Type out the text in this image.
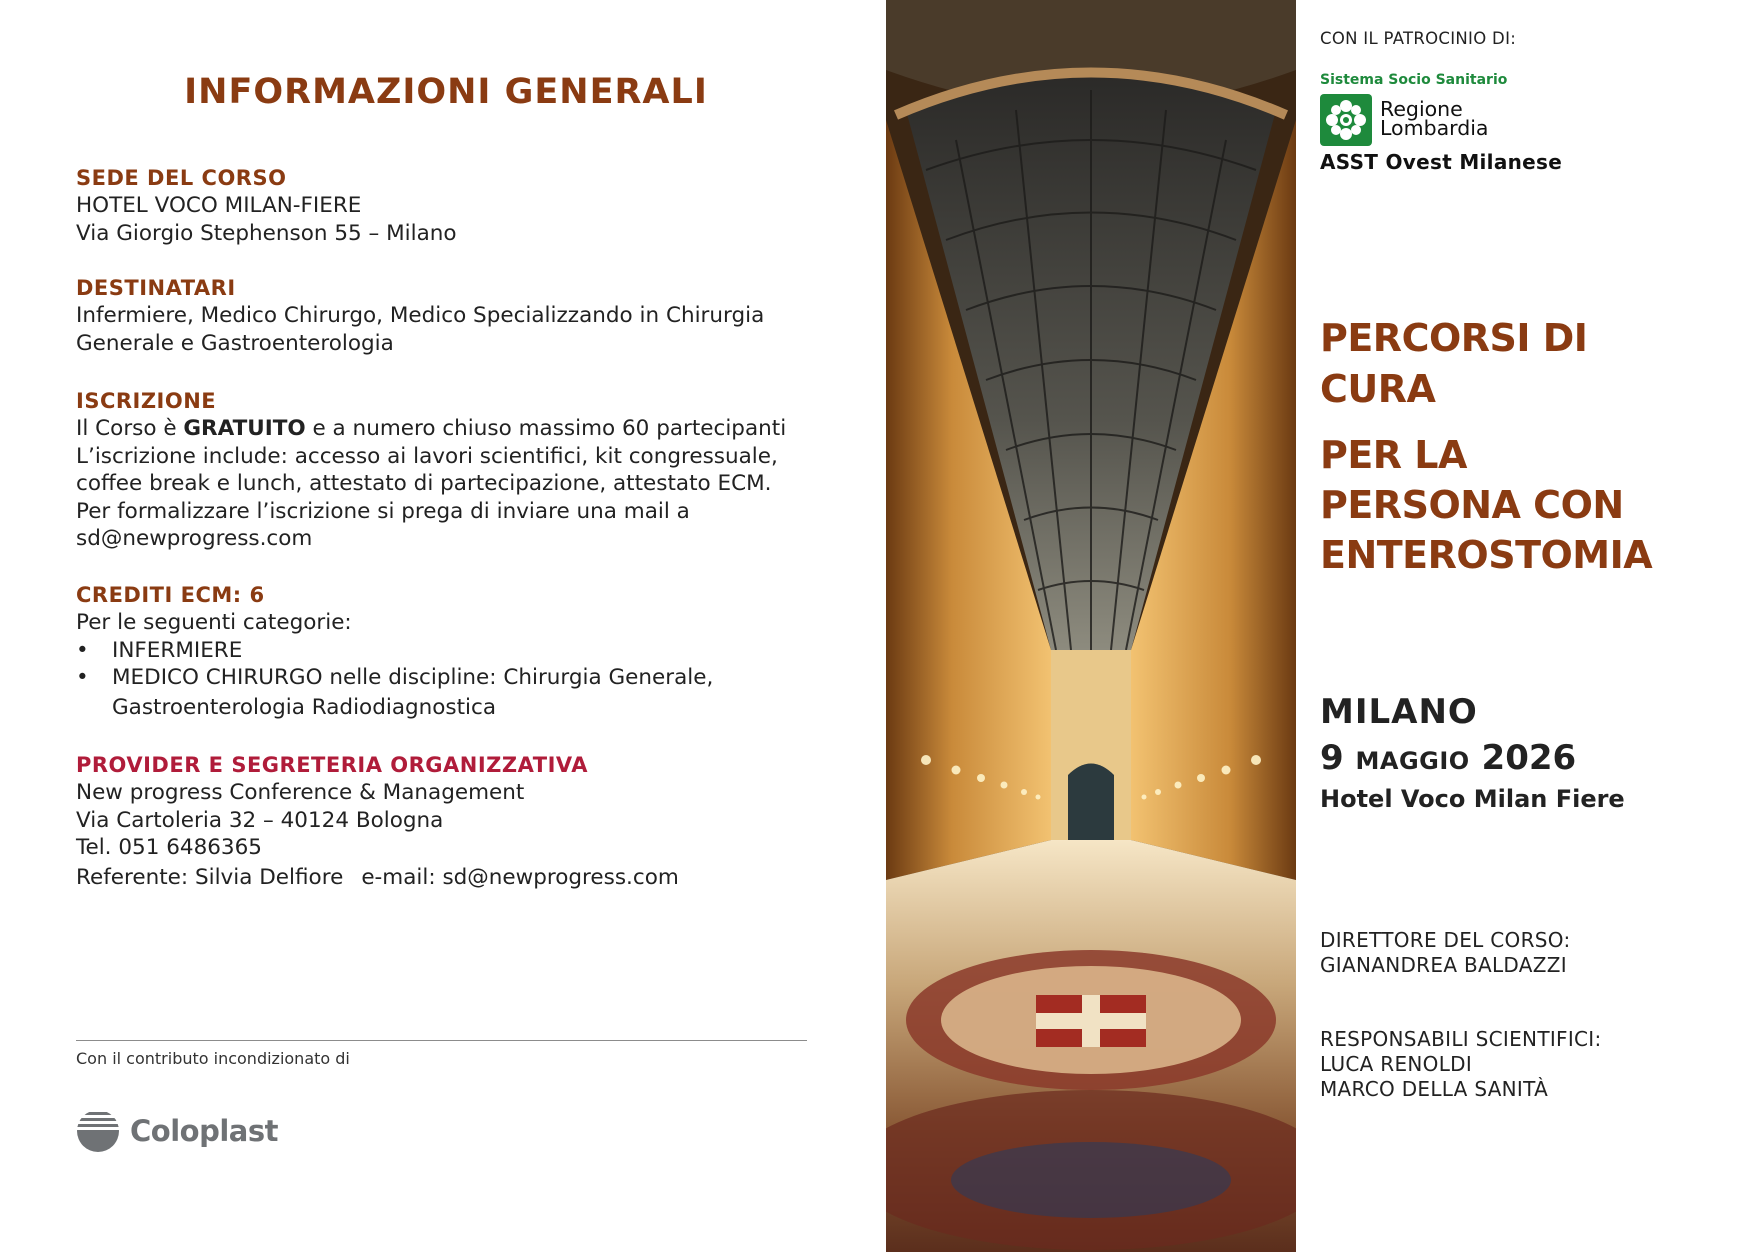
INFORMAZIONI GENERALI

SEDE DEL CORSO

HOTEL VOCO MILAN-FIERE

Via Giorgio Stephenson 55 – Milano

DESTINATARI

Infermiere, Medico Chirurgo, Medico Specializzando in Chirurgia

Generale e Gastroenterologia

ISCRIZIONE

Il Corso è GRATUITO e a numero chiuso massimo 60 partecipanti

L’iscrizione include: accesso ai lavori scientifici, kit congressuale,

coffee break e lunch, attestato di partecipazione, attestato ECM.

Per formalizzare l’iscrizione si prega di inviare una mail a

sd@newprogress.com

CREDITI ECM: 6

Per le seguenti categorie:

• INFERMIERE

• MEDICO CHIRURGO nelle discipline: Chirurgia Generale,

Gastroenterologia Radiodiagnostica

PROVIDER E SEGRETERIA ORGANIZZATIVA

New progress Conference & Management

Via Cartoleria 32 – 40124 Bologna

Tel. 051 6486365

Referente: Silvia Delfiore e-mail: sd@newprogress.com

Con il contributo incondizionato di
Coloplast
CON IL PATROCINIO DI:
Sistema Socio Sanitario
Regione
Lombardia
ASST Ovest Milanese

PERCORSI DI

CURA

PER LA

PERSONA CON

ENTEROSTOMIA

MILANO
9 MAGGIO 2026
Hotel Voco Milan Fiere

DIRETTORE DEL CORSO:

GIANANDREA BALDAZZI

RESPONSABILI SCIENTIFICI:

LUCA RENOLDI

MARCO DELLA SANITÀ
